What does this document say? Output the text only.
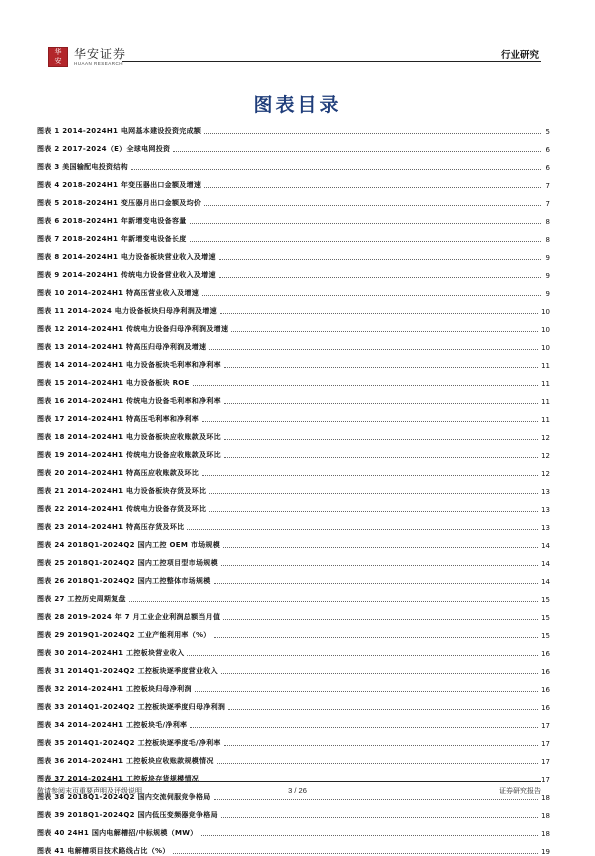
华
安
华安证券
HUAAN RESEARCH
行业研究
图表目录
图表 1 2014-2024H1 电网基本建设投资完成额	5
图表 2 2017-2024（E）全球电网投资	6
图表 3 美国输配电投资结构	6
图表 4 2018-2024H1 年变压器出口金额及增速	7
图表 5 2018-2024H1 变压器月出口金额及均价	7
图表 6 2018-2024H1 年新增变电设备容量	8
图表 7 2018-2024H1 年新增变电设备长度	8
图表 8 2014-2024H1 电力设备板块营业收入及增速	9
图表 9 2014-2024H1 传统电力设备营业收入及增速	9
图表 10 2014-2024H1 特高压营业收入及增速	9
图表 11 2014-2024 电力设备板块归母净利润及增速	10
图表 12 2014-2024H1 传统电力设备归母净利润及增速	10
图表 13 2014-2024H1 特高压归母净利润及增速	10
图表 14 2014-2024H1 电力设备板块毛利率和净利率	11
图表 15 2014-2024H1 电力设备板块 ROE	11
图表 16 2014-2024H1 传统电力设备毛利率和净利率	11
图表 17 2014-2024H1 特高压毛利率和净利率	11
图表 18 2014-2024H1 电力设备板块应收账款及环比	12
图表 19 2014-2024H1 传统电力设备应收账款及环比	12
图表 20 2014-2024H1 特高压应收账款及环比	12
图表 21 2014-2024H1 电力设备板块存货及环比	13
图表 22 2014-2024H1 传统电力设备存货及环比	13
图表 23 2014-2024H1 特高压存货及环比	13
图表 24 2018Q1-2024Q2 国内工控 OEM 市场规模	14
图表 25 2018Q1-2024Q2 国内工控项目型市场规模	14
图表 26 2018Q1-2024Q2 国内工控整体市场规模	14
图表 27 工控历史周期复盘	15
图表 28 2019-2024 年 7 月工业企业利润总额当月值	15
图表 29 2019Q1-2024Q2 工业产能利用率（%）	15
图表 30 2014-2024H1 工控板块营业收入	16
图表 31 2014Q1-2024Q2 工控板块逐季度营业收入	16
图表 32 2014-2024H1 工控板块归母净利润	16
图表 33 2014Q1-2024Q2 工控板块逐季度归母净利润	16
图表 34 2014-2024H1 工控板块毛/净利率	17
图表 35 2014Q1-2024Q2 工控板块逐季度毛/净利率	17
图表 36 2014-2024H1 工控板块应收账款规模情况	17
图表 37 2014-2024H1 工控板块存货规模情况	17
图表 38 2018Q1-2024Q2 国内交流伺服竞争格局	18
图表 39 2018Q1-2024Q2 国内低压变频器竞争格局	18
图表 40 24H1 国内电解槽招/中标规模（MW）	18
图表 41 电解槽项目技术路线占比（%）	19
敬请参阅末页重要声明及评级说明	3 / 26	证券研究报告
